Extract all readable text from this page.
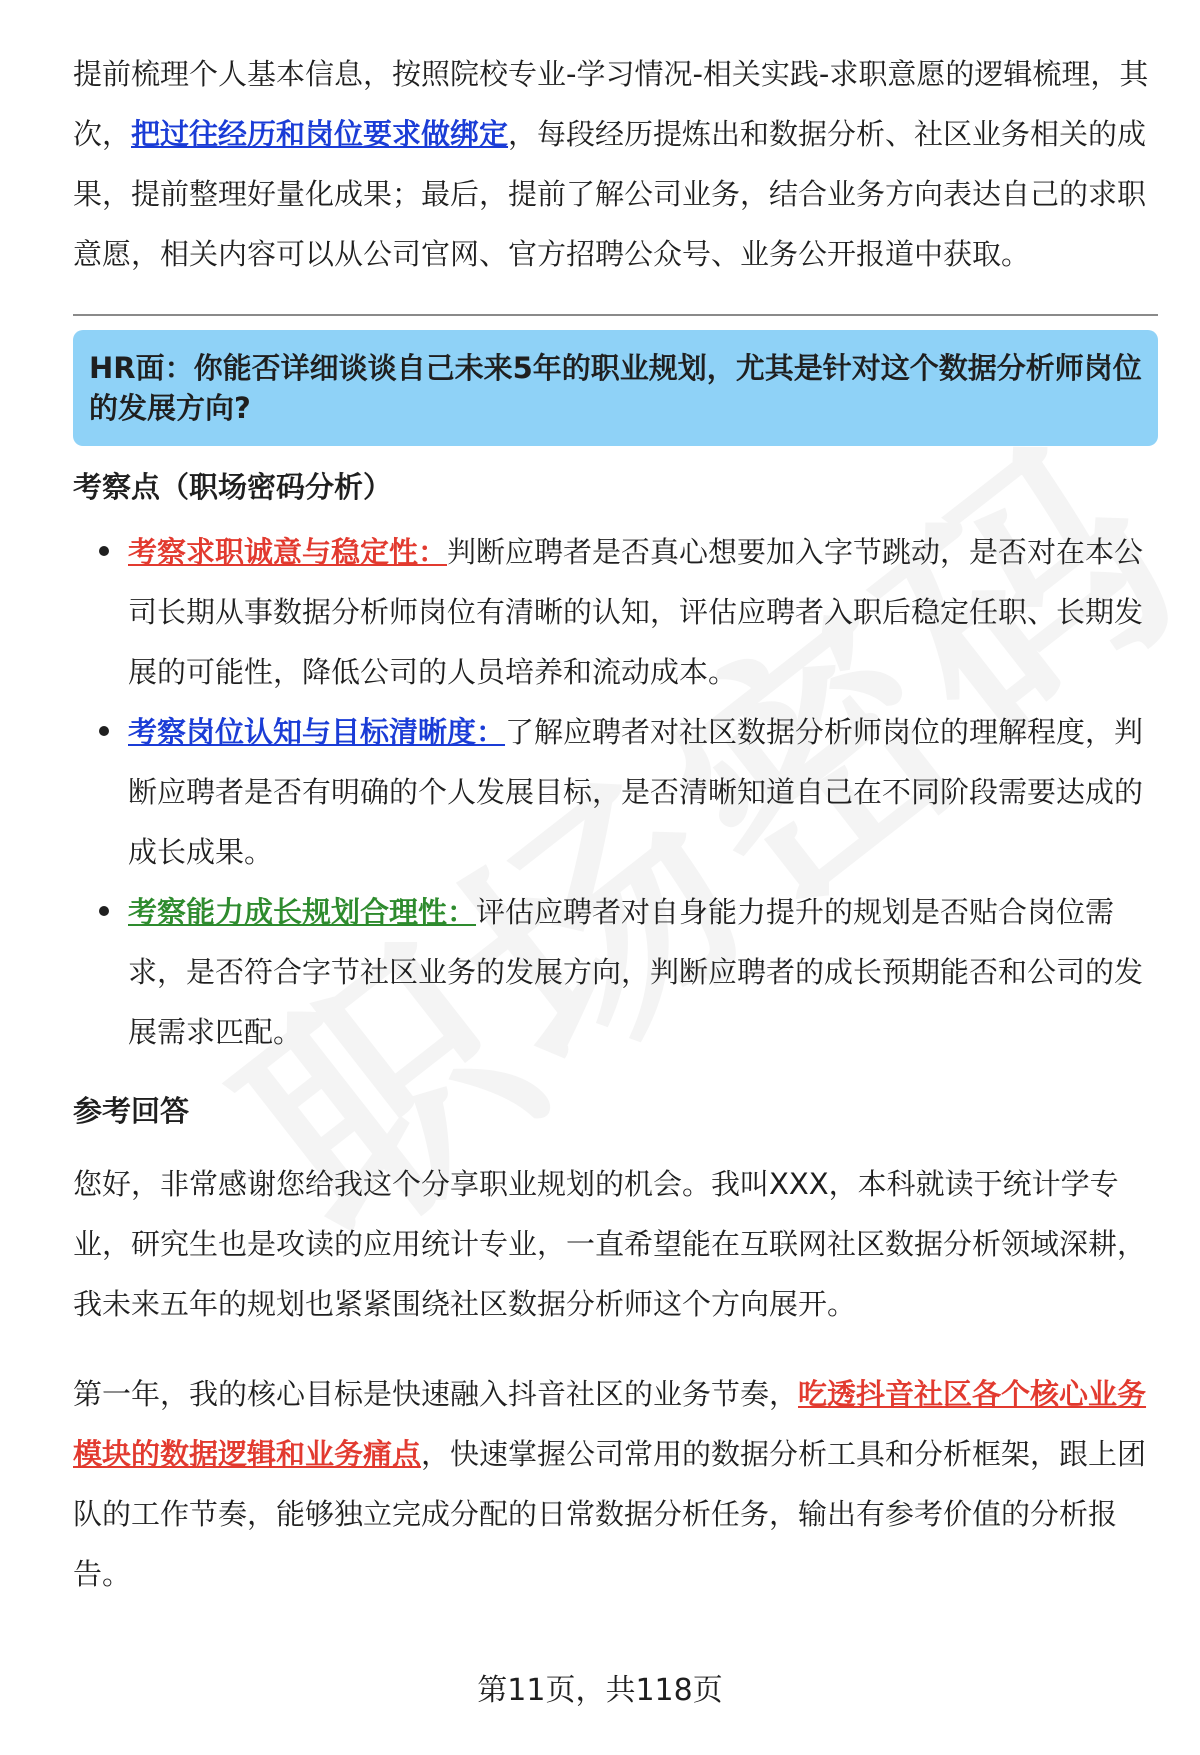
提前梳理个人基本信息，按照院校专业-学习情况-相关实践-求职意愿的逻辑梳理，其次，把过往经历和岗位要求做绑定，每段经历提炼出和数据分析、社区业务相关的成果，提前整理好量化成果；最后，提前了解公司业务，结合业务方向表达自己的求职意愿，相关内容可以从公司官网、官方招聘公众号、业务公开报道中获取。

HR面：你能否详细谈谈自己未来5年的职业规划，尤其是针对这个数据分析师岗位的发展方向?
考察点（职场密码分析）
考察求职诚意与稳定性：判断应聘者是否真心想要加入字节跳动，是否对在本公司长期从事数据分析师岗位有清晰的认知，评估应聘者入职后稳定任职、长期发展的可能性，降低公司的人员培养和流动成本。
考察岗位认知与目标清晰度：了解应聘者对社区数据分析师岗位的理解程度，判断应聘者是否有明确的个人发展目标，是否清晰知道自己在不同阶段需要达成的成长成果。
考察能力成长规划合理性：评估应聘者对自身能力提升的规划是否贴合岗位需求，是否符合字节社区业务的发展方向，判断应聘者的成长预期能否和公司的发展需求匹配。
参考回答

您好，非常感谢您给我这个分享职业规划的机会。我叫XXX，本科就读于统计学专业，研究生也是攻读的应用统计专业，一直希望能在互联网社区数据分析领域深耕，我未来五年的规划也紧紧围绕社区数据分析师这个方向展开。

第一年，我的核心目标是快速融入抖音社区的业务节奏，吃透抖音社区各个核心业务模块的数据逻辑和业务痛点，快速掌握公司常用的数据分析工具和分析框架，跟上团队的工作节奏，能够独立完成分配的日常数据分析任务，输出有参考价值的分析报告。

第11页，共118页
